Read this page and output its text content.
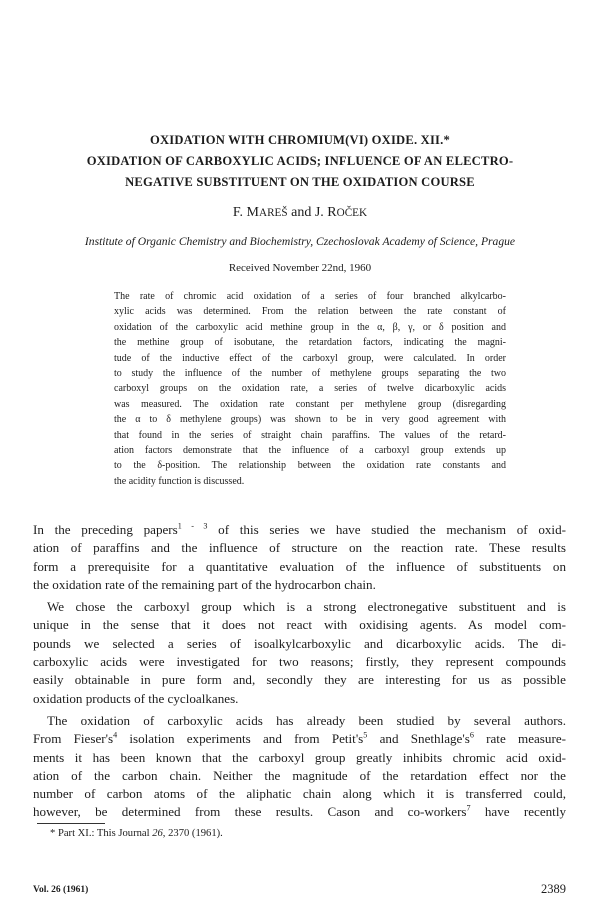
OXIDATION WITH CHROMIUM(VI) OXIDE. XII.*
OXIDATION OF CARBOXYLIC ACIDS; INFLUENCE OF AN ELECTRO-
NEGATIVE SUBSTITUENT ON THE OXIDATION COURSE
F. MAREŠ and J. ROČEK
Institute of Organic Chemistry and Biochemistry, Czechoslovak Academy of Science, Prague
Received November 22nd, 1960
The rate of chromic acid oxidation of a series of four branched alkylcarbo-
xylic acids was determined. From the relation between the rate constant of
oxidation of the carboxylic acid methine group in the α, β, γ, or δ position and
the methine group of isobutane, the retardation factors, indicating the magni-
tude of the inductive effect of the carboxyl group, were calculated. In order
to study the influence of the number of methylene groups separating the two
carboxyl groups on the oxidation rate, a series of twelve dicarboxylic acids
was measured. The oxidation rate constant per methylene group (disregarding
the α to δ methylene groups) was shown to be in very good agreement with
that found in the series of straight chain paraffins. The values of the retard-
ation factors demonstrate that the influence of a carboxyl group extends up
to the δ-position. The relationship between the oxidation rate constants and
the acidity function is discussed.
In the preceding papers$^{1 - 3}$ of this series we have studied the mechanism of oxid-
ation of paraffins and the influence of structure on the reaction rate. These results
form a prerequisite for a quantitative evaluation of the influence of substituents on
the oxidation rate of the remaining part of the hydrocarbon chain.
We chose the carboxyl group which is a strong electronegative substituent and is
unique in the sense that it does not react with oxidising agents. As model com-
pounds we selected a series of isoalkylcarboxylic and dicarboxylic acids. The di-
carboxylic acids were investigated for two reasons; firstly, they represent compounds
easily obtainable in pure form and, secondly they are interesting for us as possible
oxidation products of the cycloalkanes.
The oxidation of carboxylic acids has already been studied by several authors.
From $Fieser's^4$ isolation experiments and from $Petit's^5$ and $Snethlage's^6$ rate measure-
ments it has been known that the carboxyl group greatly inhibits chromic acid oxid-
ation of the carbon chain. Neither the magnitude of the retardation effect nor the
number of carbon atoms of the aliphatic chain along which it is transferred could,
however, be determined from these results. Cason and co-workers$^7$ have recently
* Part XI.: This Journal 26, 2370 (1961).
Vol. 26 (1961)	2389
